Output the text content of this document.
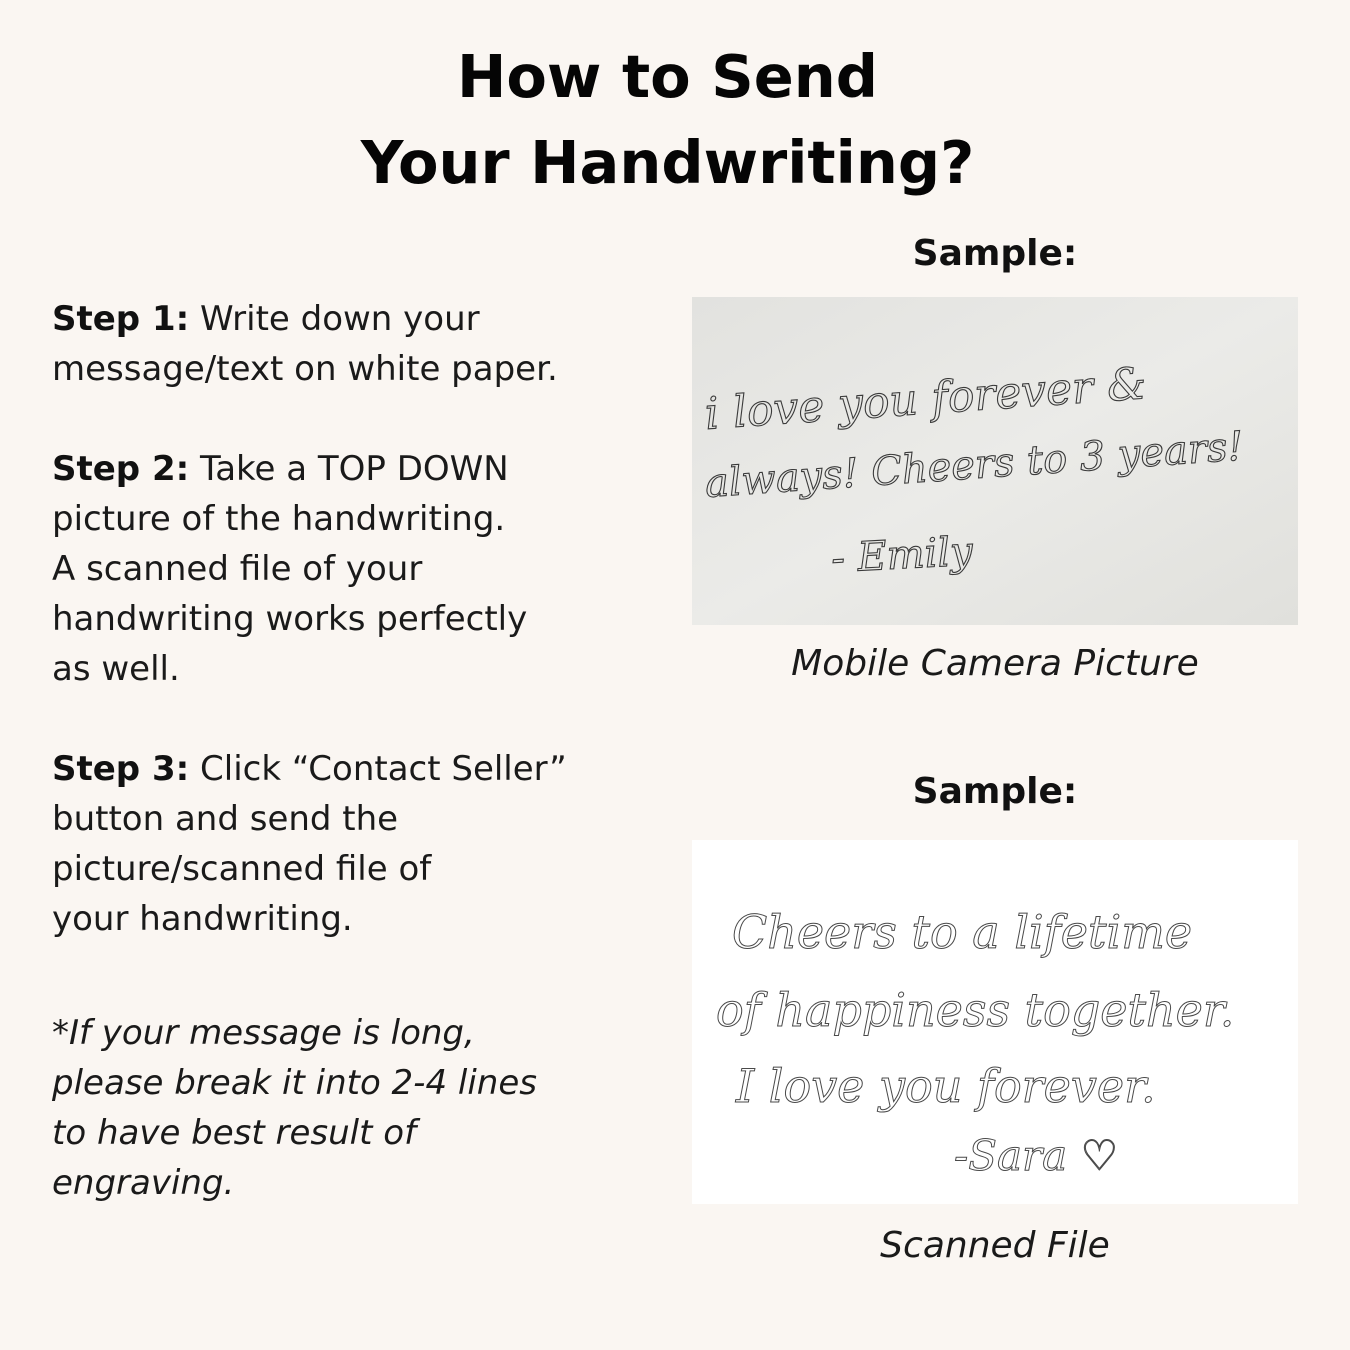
How to Send
Your Handwriting?
Step 1: Write down your
message/text on white paper.
Step 2: Take a TOP DOWN
picture of the handwriting.
A scanned file of your
handwriting works perfectly
as well.
Step 3: Click “Contact Seller”
button and send the
picture/scanned file of
your handwriting.
*If your message is long,
please break it into 2-4 lines
to have best result of
engraving.
Sample:
i love you forever &
always! Cheers to 3 years!
- Emily
Mobile Camera Picture
Sample:
Cheers to a lifetime
of happiness together.
I love you forever.
-Sara ♡
Scanned File
